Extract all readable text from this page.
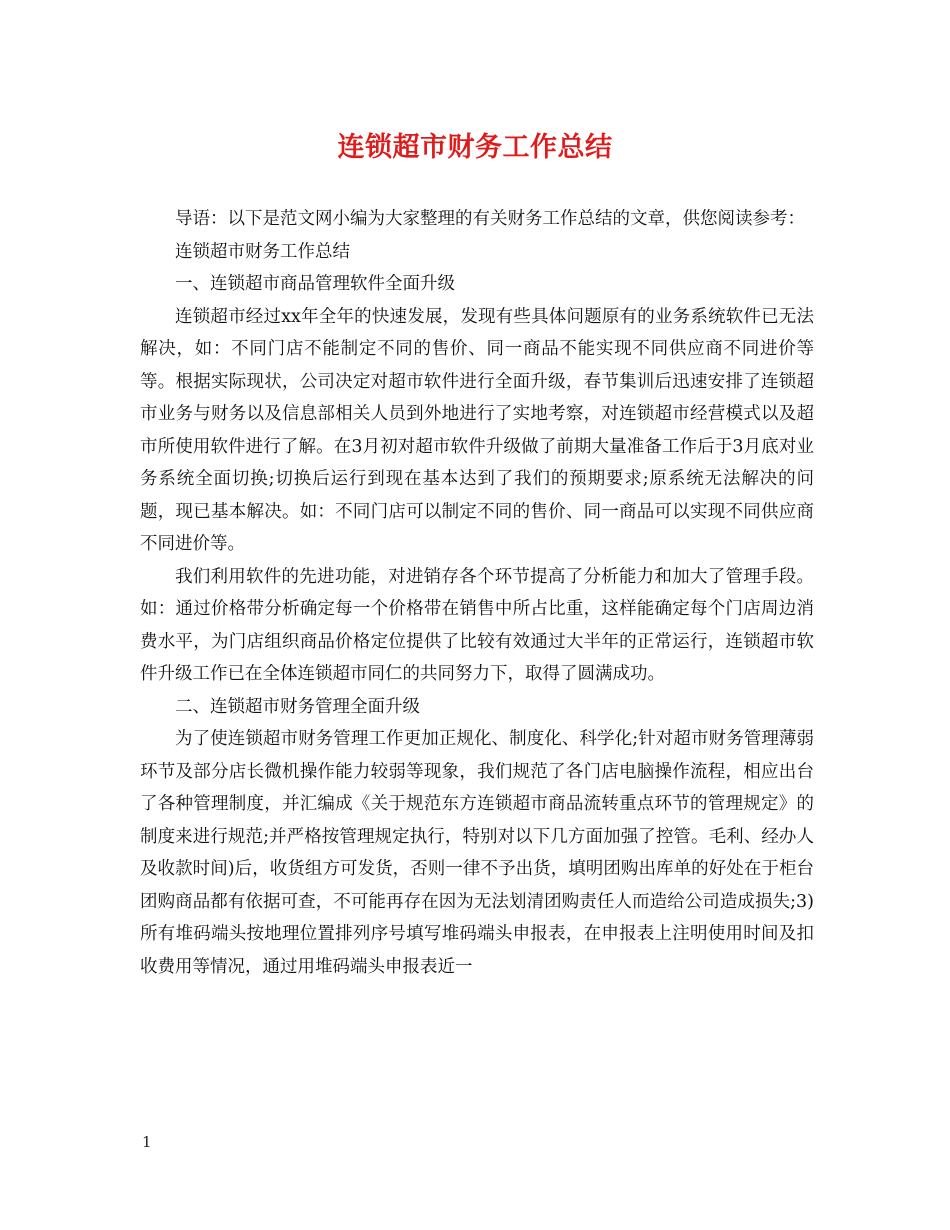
连锁超市财务工作总结

导语：以下是范文网小编为大家整理的有关财务工作总结的文章，供您阅读参考：

连锁超市财务工作总结

一、连锁超市商品管理软件全面升级

连锁超市经过xx年全年的快速发展，发现有些具体问题原有的业务系统软件已无法解决，如：不同门店不能制定不同的售价、同一商品不能实现不同供应商不同进价等等。根据实际现状，公司决定对超市软件进行全面升级，春节集训后迅速安排了连锁超市业务与财务以及信息部相关人员到外地进行了实地考察，对连锁超市经营模式以及超市所使用软件进行了解。在3月初对超市软件升级做了前期大量准备工作后于3月底对业务系统全面切换;切换后运行到现在基本达到了我们的预期要求;原系统无法解决的问题，现已基本解决。如：不同门店可以制定不同的售价、同一商品可以实现不同供应商不同进价等。

我们利用软件的先进功能，对进销存各个环节提高了分析能力和加大了管理手段。如：通过价格带分析确定每一个价格带在销售中所占比重，这样能确定每个门店周边消费水平，为门店组织商品价格定位提供了比较有效通过大半年的正常运行，连锁超市软件升级工作已在全体连锁超市同仁的共同努力下，取得了圆满成功。

二、连锁超市财务管理全面升级

为了使连锁超市财务管理工作更加正规化、制度化、科学化;针对超市财务管理薄弱环节及部分店长微机操作能力较弱等现象，我们规范了各门店电脑操作流程，相应出台了各种管理制度，并汇编成《关于规范东方连锁超市商品流转重点环节的管理规定》的制度来进行规范;并严格按管理规定执行，特别对以下几方面加强了控管。毛利、经办人及收款时间)后，收货组方可发货，否则一律不予出货，填明团购出库单的好处在于柜台团购商品都有依据可查，不可能再存在因为无法划清团购责任人而造给公司造成损失;3)所有堆码端头按地理位置排列序号填写堆码端头申报表，在申报表上注明使用时间及扣收费用等情况，通过用堆码端头申报表近一

1
